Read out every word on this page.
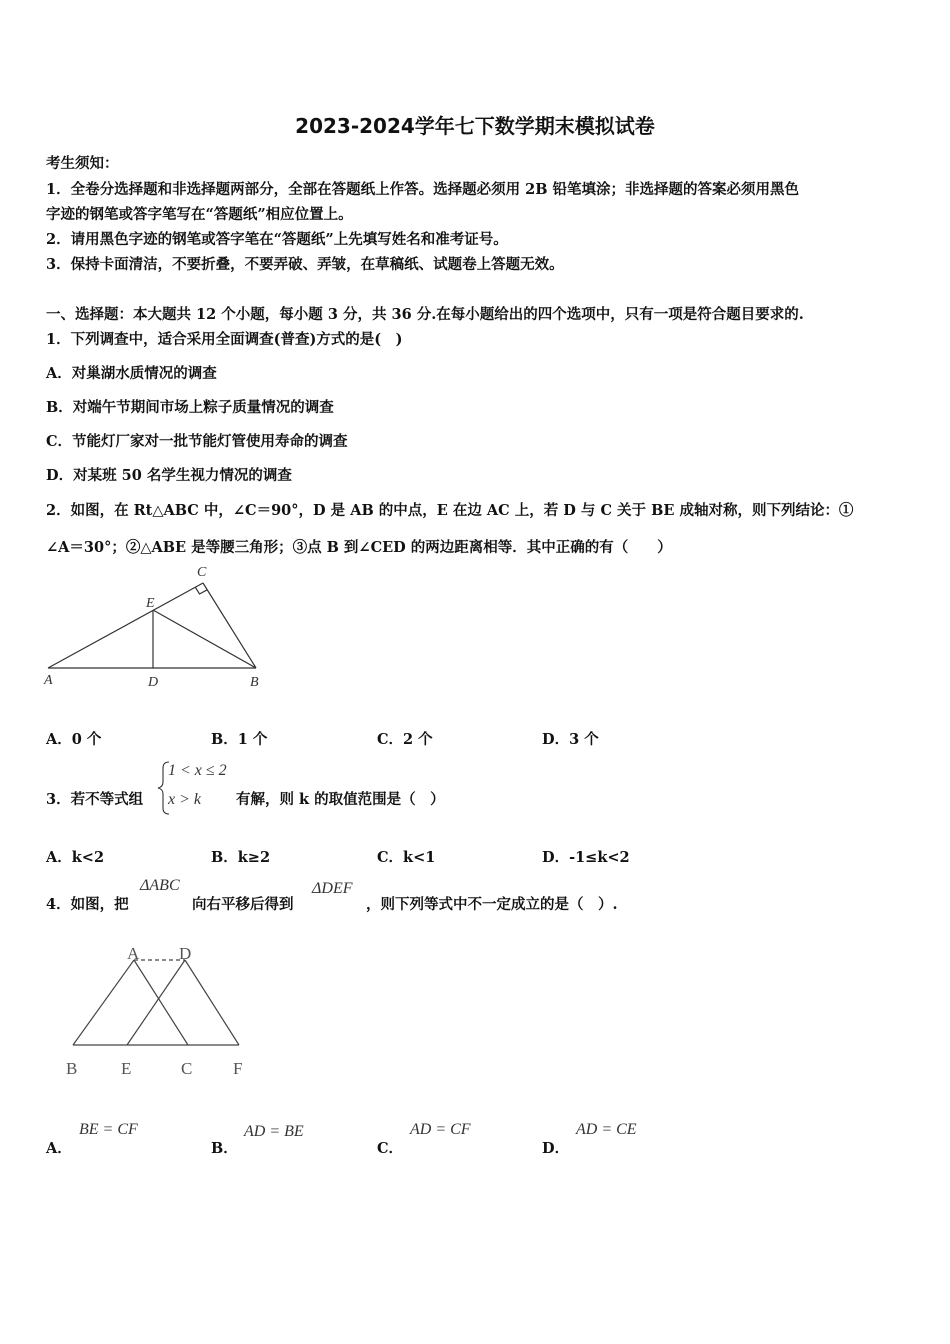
2023-2024学年七下数学期末模拟试卷
考生须知：
1．全卷分选择题和非选择题两部分，全部在答题纸上作答。选择题必须用 2B 铅笔填涂；非选择题的答案必须用黑色
字迹的钢笔或答字笔写在“答题纸”相应位置上。
2．请用黑色字迹的钢笔或答字笔在“答题纸”上先填写姓名和准考证号。
3．保持卡面清洁，不要折叠，不要弄破、弄皱，在草稿纸、试题卷上答题无效。
一、选择题：本大题共 12 个小题，每小题 3 分，共 36 分.在每小题给出的四个选项中，只有一项是符合题目要求的.
1．下列调查中，适合采用全面调查(普查)方式的是(　)
A．对巢湖水质情况的调查
B．对端午节期间市场上粽子质量情况的调查
C．节能灯厂家对一批节能灯管使用寿命的调查
D．对某班 50 名学生视力情况的调查
2．如图，在 Rt△ABC 中，∠C＝90°，D 是 AB 的中点，E 在边 AC 上，若 D 与 C 关于 BE 成轴对称，则下列结论：①
∠A＝30°；②△ABE 是等腰三角形；③点 B 到∠CED 的两边距离相等．其中正确的有（　　）
A	D	B
C
E
A．0 个	B．1 个	C．2 个	D．3 个
3．若不等式组
1 < x ≤ 2
x > k 有解，则 k 的取值范围是（　）
A．k<2	B．k≥2	C．k<1	D．-1≤k<2
4．如图，把
ΔABC
向右平移后得到
ΔDEF
，则下列等式中不一定成立的是（　）.
A D
B	E	C F
A．
BE = CF
B．
AD = BE
C．
AD = CF
D．
AD = CE
